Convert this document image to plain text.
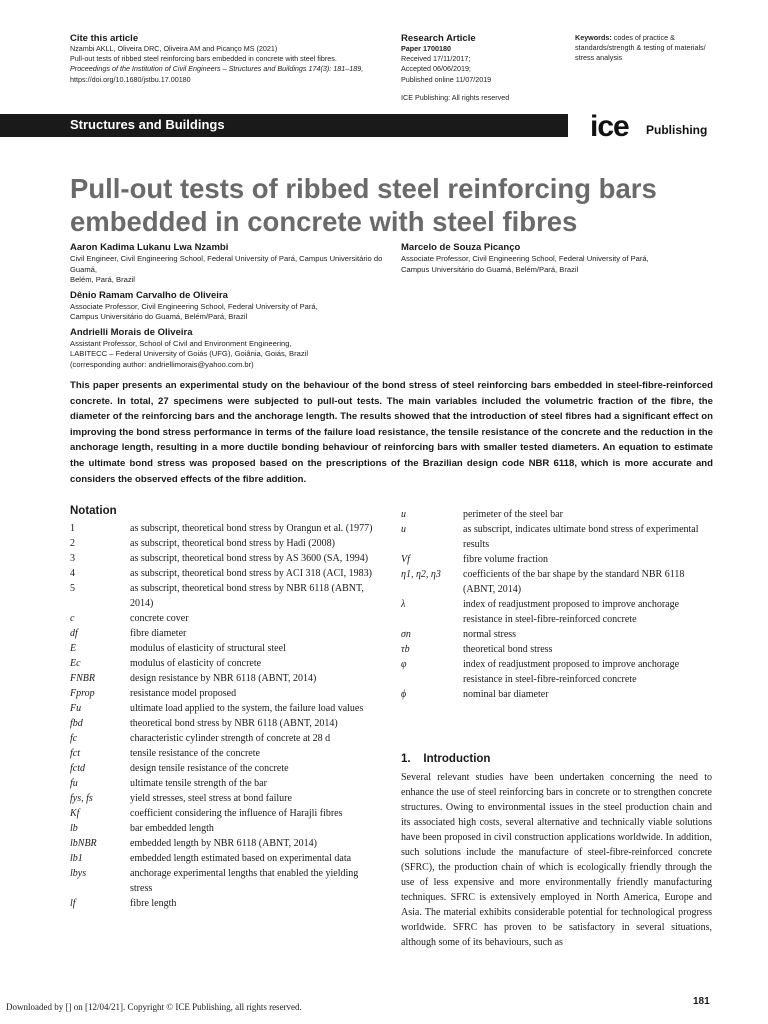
Cite this article
Nzambi AKLL, Oliveira DRC, Oliveira AM and Picanço MS (2021)
Pull-out tests of ribbed steel reinforcing bars embedded in concrete with steel fibres.
Proceedings of the Institution of Civil Engineers – Structures and Buildings 174(3): 181–189,
https://doi.org/10.1680/jstbu.17.00180
Research Article
Paper 1700180
Received 17/11/2017;
Accepted 06/06/2019;
Published online 11/07/2019
ICE Publishing: All rights reserved
Keywords: codes of practice &
standards/strength & testing of materials/
stress analysis
Structures and Buildings	ice Publishing
Pull-out tests of ribbed steel reinforcing bars
embedded in concrete with steel fibres
Aaron Kadima Lukanu Lwa Nzambi
Civil Engineer, Civil Engineering School, Federal University of Pará, Campus Universitário do Guamá,
Belém, Pará, Brazil
Dênio Ramam Carvalho de Oliveira
Associate Professor, Civil Engineering School, Federal University of Pará,
Campus Universitário do Guamá, Belém/Pará, Brazil
Andrielli Morais de Oliveira
Assistant Professor, School of Civil and Environment Engineering,
LABITECC – Federal University of Goiás (UFG), Goiânia, Goiás, Brazil
(corresponding author: andriellimorais@yahoo.com.br)
Marcelo de Souza Picanço
Associate Professor, Civil Engineering School, Federal University of Pará,
Campus Universitário do Guamá, Belém/Pará, Brazil
This paper presents an experimental study on the behaviour of the bond stress of steel reinforcing bars embedded in steel-fibre-reinforced concrete. In total, 27 specimens were subjected to pull-out tests. The main variables included the volumetric fraction of the fibre, the diameter of the reinforcing bars and the anchorage length. The results showed that the introduction of steel fibres had a significant effect on improving the bond stress performance in terms of the failure load resistance, the tensile resistance of the concrete and the reduction in the anchorage length, resulting in a more ductile bonding behaviour of reinforcing bars with smaller tested diameters. An equation to estimate the ultimate bond stress was proposed based on the prescriptions of the Brazilian design code NBR 6118, which is more accurate and considers the observed effects of the fibre addition.
Notation
1	as subscript, theoretical bond stress by Orangun et al. (1977)
2	as subscript, theoretical bond stress by Hadi (2008)
3	as subscript, theoretical bond stress by AS 3600 (SA, 1994)
4	as subscript, theoretical bond stress by ACI 318 (ACI, 1983)
5	as subscript, theoretical bond stress by NBR 6118 (ABNT, 2014)
c	concrete cover
df	fibre diameter
E	modulus of elasticity of structural steel
Ec	modulus of elasticity of concrete
FNBR	design resistance by NBR 6118 (ABNT, 2014)
Fprop	resistance model proposed
Fu	ultimate load applied to the system, the failure load values
fbd	theoretical bond stress by NBR 6118 (ABNT, 2014)
fc	characteristic cylinder strength of concrete at 28 d
fct	tensile resistance of the concrete
fctd	design tensile resistance of the concrete
fu	ultimate tensile strength of the bar
fys, fs	yield stresses, steel stress at bond failure
Kf	coefficient considering the influence of Harajli fibres
lb	bar embedded length
lbNBR	embedded length by NBR 6118 (ABNT, 2014)
lb1	embedded length estimated based on experimental data
lbys	anchorage experimental lengths that enabled the yielding stress
lf	fibre length
u	perimeter of the steel bar
u	as subscript, indicates ultimate bond stress of experimental results
Vf	fibre volume fraction
η1, η2, η3	coefficients of the bar shape by the standard NBR 6118 (ABNT, 2014)
λ	index of readjustment proposed to improve anchorage resistance in steel-fibre-reinforced concrete
σn	normal stress
τb	theoretical bond stress
φ	index of readjustment proposed to improve anchorage resistance in steel-fibre-reinforced concrete
ϕ	nominal bar diameter
1.    Introduction
Several relevant studies have been undertaken concerning the need to enhance the use of steel reinforcing bars in concrete or to strengthen concrete structures. Owing to environmental issues in the steel production chain and its associated high costs, several alternative and technically viable solutions have been proposed in civil construction applications worldwide. In addition, such solutions include the manufacture of steel-fibre-reinforced concrete (SFRC), the production chain of which is ecologically friendly through the use of less expensive and more environmentally friendly manufacturing techniques. SFRC is extensively employed in North America, Europe and Asia. The material exhibits considerable potential for technological progress worldwide. SFRC has proven to be satisfactory in several situations, although some of its behaviours, such as
Downloaded by [] on [12/04/21]. Copyright © ICE Publishing, all rights reserved.	181
